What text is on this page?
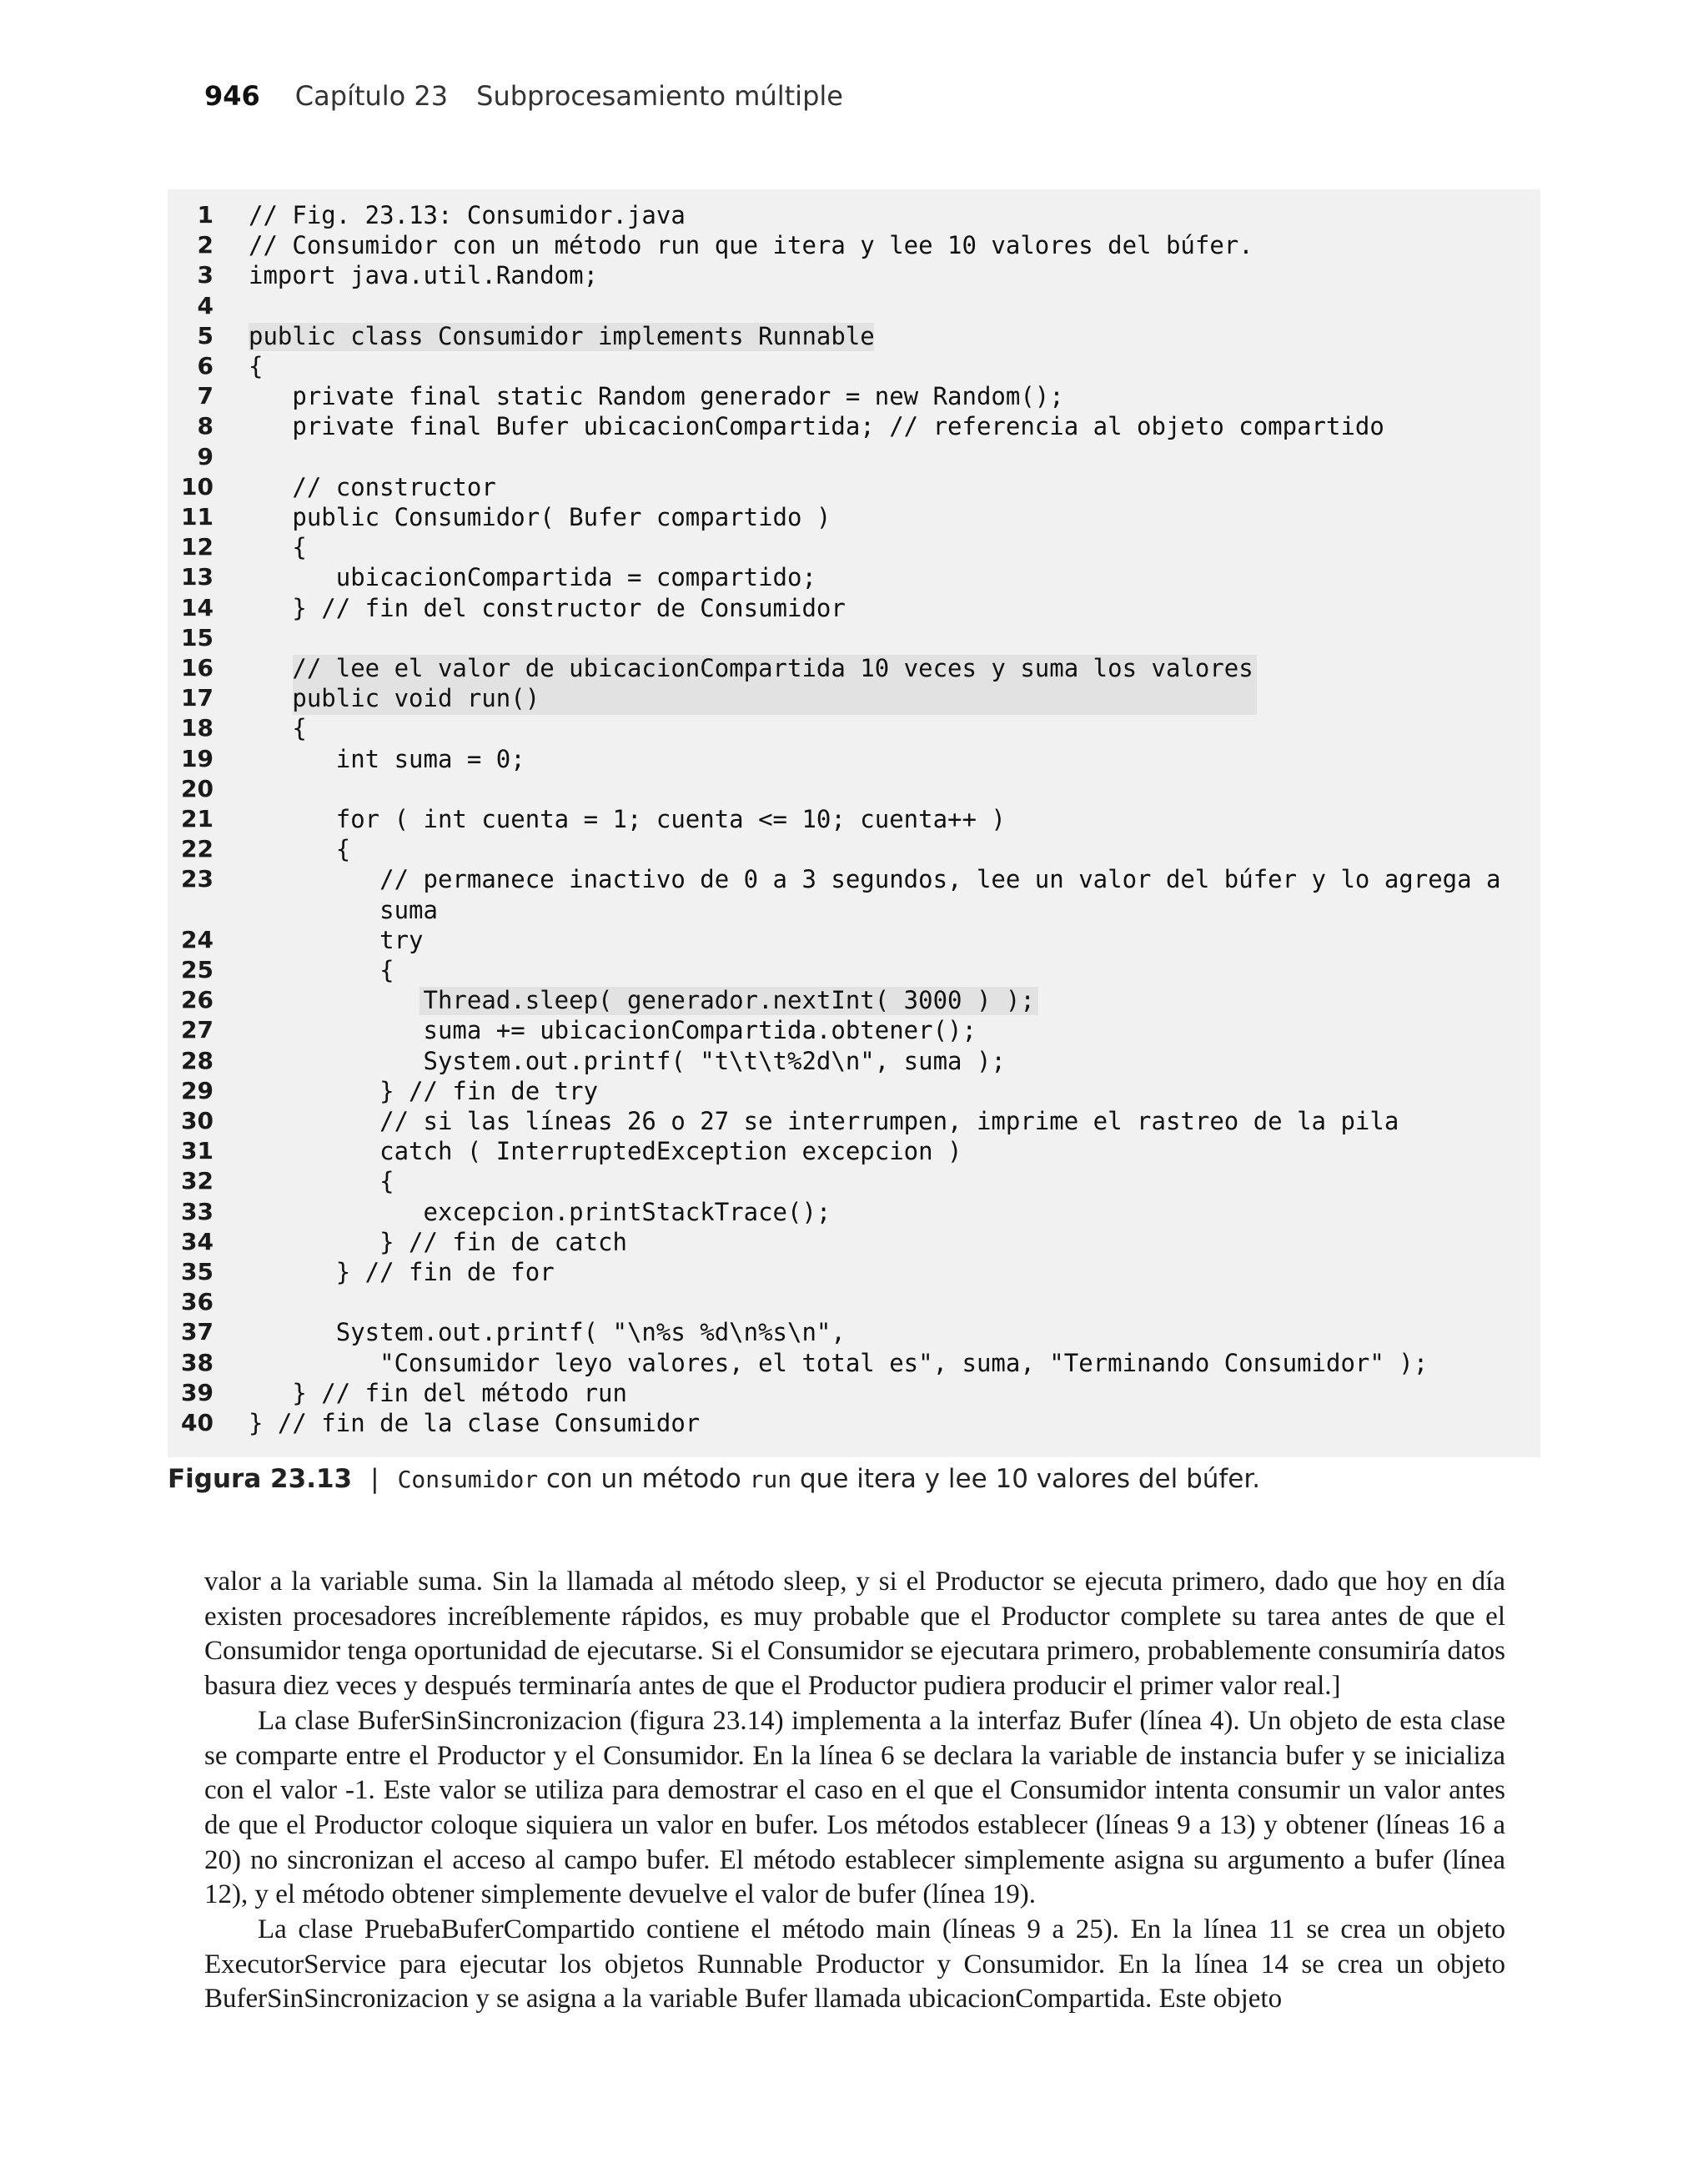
946 Capítulo 23 Subprocesamiento múltiple
1 // Fig. 23.13: Consumidor.java
2 // Consumidor con un método run que itera y lee 10 valores del búfer.
3 import java.util.Random;
4
5 public class Consumidor implements Runnable
6 {
7 private final static Random generador = new Random();
8 private final Bufer ubicacionCompartida; // referencia al objeto compartido
9
10 // constructor
11 public Consumidor( Bufer compartido )
12 {
13 ubicacionCompartida = compartido;
14 } // fin del constructor de Consumidor
15
16 // lee el valor de ubicacionCompartida 10 veces y suma los valores
17 public void run()
18 {
19 int suma = 0;
20
21 for ( int cuenta = 1; cuenta <= 10; cuenta++ )
22 {
23 // permanece inactivo de 0 a 3 segundos, lee un valor del búfer y lo agrega a
suma
24 try
25 {
26 Thread.sleep( generador.nextInt( 3000 ) );
27 suma += ubicacionCompartida.obtener();
28 System.out.printf( "t\t\t%2d\n", suma );
29 } // fin de try
30 // si las líneas 26 o 27 se interrumpen, imprime el rastreo de la pila
31 catch ( InterruptedException excepcion )
32 {
33 excepcion.printStackTrace();
34 } // fin de catch
35 } // fin de for
36
37 System.out.printf( "\n%s %d\n%s\n",
38 "Consumidor leyo valores, el total es", suma, "Terminando Consumidor" );
39 } // fin del método run
40 } // fin de la clase Consumidor
Figura 23.13 | Consumidor con un método run que itera y lee 10 valores del búfer.

valor a la variable suma. Sin la llamada al método sleep, y si el Productor se ejecuta primero, dado que hoy en día existen procesadores increíblemente rápidos, es muy probable que el Productor complete su tarea antes de que el Consumidor tenga oportunidad de ejecutarse. Si el Consumidor se ejecutara primero, probablemente consumiría datos basura diez veces y después terminaría antes de que el Productor pudiera producir el primer valor real.]

La clase BuferSinSincronizacion (figura 23.14) implementa a la interfaz Bufer (línea 4). Un objeto de esta clase se comparte entre el Productor y el Consumidor. En la línea 6 se declara la variable de instancia bufer y se inicializa con el valor -1. Este valor se utiliza para demostrar el caso en el que el Consumidor intenta consumir un valor antes de que el Productor coloque siquiera un valor en bufer. Los métodos establecer (líneas 9 a 13) y obtener (líneas 16 a 20) no sincronizan el acceso al campo bufer. El método establecer simplemente asigna su argumento a bufer (línea 12), y el método obtener simplemente devuelve el valor de bufer (línea 19).

La clase PruebaBuferCompartido contiene el método main (líneas 9 a 25). En la línea 11 se crea un objeto ExecutorService para ejecutar los objetos Runnable Productor y Consumidor. En la línea 14 se crea un objeto BuferSinSincronizacion y se asigna a la variable Bufer llamada ubicacionCompartida. Este objeto
